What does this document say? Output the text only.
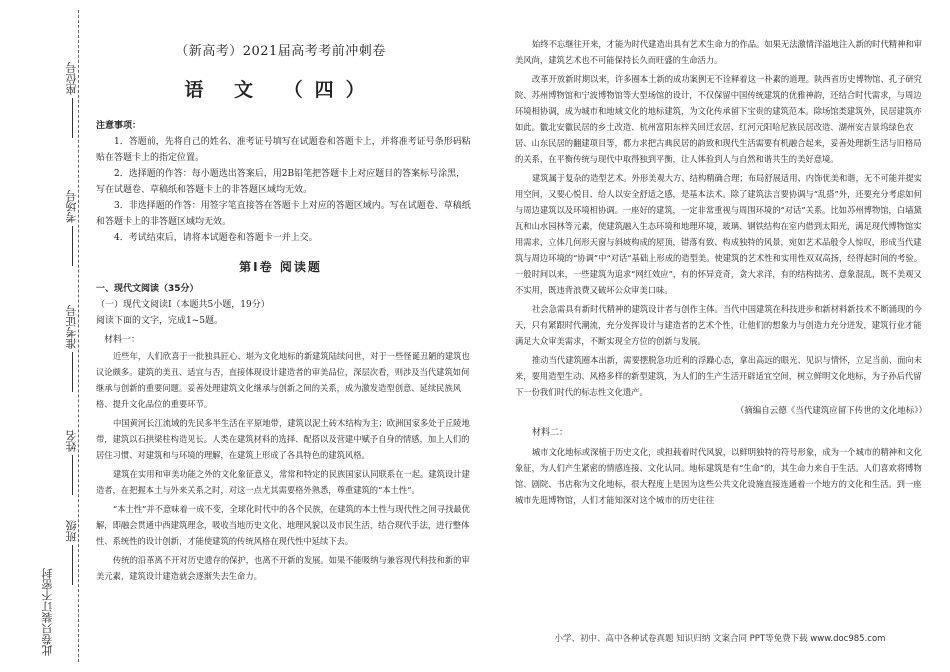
座位号
考场号
准考证号
姓名
班级
此卷只装订不密封
（新高考）2021届高考考前冲刺卷
语 文 （四）
注意事项：

1．答题前，先将自己的姓名、准考证号填写在试题卷和答题卡上，并将准考证号条形码粘贴在答题卡上的指定位置。

2．选择题的作答：每小题选出答案后，用2B铅笔把答题卡上对应题目的答案标号涂黑，写在试题卷、草稿纸和答题卡上的非答题区域均无效。

3．非选择题的作答：用签字笔直接答在答题卡上对应的答题区域内。写在试题卷、草稿纸和答题卡上的非答题区域均无效。

4．考试结束后，请将本试题卷和答题卡一并上交。

第Ⅰ卷 阅读题
一、现代文阅读（35分）
（一）现代文阅读Ⅰ（本题共5小题，19分）
阅读下面的文字，完成1~5题。
材料一：

近些年，人们欣喜于一批独具匠心、堪为文化地标的新建筑陆续问世，对于一些怪诞丑陋的建筑也议论颇多。建筑的美丑、适宜与否，直接体现设计建造者的审美品位，深层次看，则涉及当代建筑如何继承与创新的重要问题。妥善处理建筑文化继承与创新之间的关系，成为激发造型创意、延续民族风格、提升文化品位的重要环节。

中国黄河长江流域的先民多半生活在平原地带，建筑以泥土砖木结构为主；欧洲国家多处于丘陵地带，建筑以石拱梁柱构造见长。人类在建筑材料的选择、配搭以及营建中赋予自身的情感，加上人们的居住习惯、对建筑和与环境的理解，在建筑上形成了各具特色的建筑风格。

建筑在实用和审美功能之外的文化象征意义，常常和特定的民族国家认同联系在一起。建筑设计建造者，在把握本土与外来关系之时，对这一点尤其需要格外熟悉，尊重建筑的“本土性”。

“本土性”并不意味着一成不变，全球化时代中的各个民族，在建筑的本土性与现代性之间寻找最优解，即融会贯通中西建筑理念，吸收当地历史文化、地理风貌以及市民生活，结合现代手法，进行整体性、系统性的设计创新，才能使建筑的传统风格在现代性中延续下去。

传统的沿革离不开对历史遗存的保护，也离不开新的发展。如果不能吸纳与兼容现代科技和新的审美元素，建筑设计建造就会逐渐失去生命力。

始终不忘继往开来，才能为时代建造出具有艺术生命力的作品。如果无法激情洋溢地注入新的时代精神和审美风尚，建筑艺术也不可能保持长久而旺盛的生命活力。

改革开放新时期以来，许多圈本土新的成功案例无不诠释着这一朴素的道理。陕西省历史博物馆、孔子研究院、苏州博物馆和宁波博物馆等大型场馆的设计，不仅保留中国传统建筑的优雅神韵，还结合时代需求，与周边环境相协调，成为城市和地域文化的地标建筑，为文化传承留下宝贵的建筑范本。除场馆类建筑外，民居建筑亦如此。徽北安徽民居的乡土改造、杭州富阳东梓关回迁农居、红河元阳哈尼族民居改造、湖州安吉景坞绿色农居、山东民居的翻建项目等，都力求把古典民居的韵致和现代生活需要有机融合起来，妥善处理新生活与旧格局的关系，在平衡传统与现代中取得独到平衡，让人体验到人与自然和谐共生的美好意境。

建筑属于复杂的造型艺术。外形美观大方、结构精确合理；布局舒展适用、内饰优美和谐，无不可能并提实用空间，又要心悦目、给人以安全舒适之感，是基本法术。除了建筑法言要协调与“乱搭”外，还要充分考虑如何与周边建筑以及环境相协调。一座好的建筑，一定非常重视与周围环境的“对话”关系。比如苏州博物馆，白墙黛瓦和山水园林等元素，使建筑融入生态环境和地理环境，玻璃、钢铁结构在室内借到太阳光，满足现代博物馆实用需求，立体几何形天窗与斜坡构成的屋顶，错落有致、构成独特的风景，宛如艺术品般令人惊叹，形成当代建筑与周边环境的“协调”中“对话”基础上形成的造型美。使建筑的艺术性和实用性双双高扬，经得起时间的考验。一般时间以来，一些建筑为追求“网红效应”，有的怀异竞奇，贪大求洋，有的结构拙劣、意象混乱，既不美观又不实用，既违背浪费又破坏公众审美口味。

社会急需具有新时代精神的建筑设计者与创作主体。当代中国建筑在科技进步和新材料新技术不断涌现的今天，只有紧跟时代潮流，充分发挥设计与建造者的艺术个性，让他们的想象力与创造力充分迸发，建筑行业才能满足大众审美需求，不断实现全方位的创新与发展。

推动当代建筑圈本出新，需要摆脱急功近利的浮躁心态，拿出高远的眼光、见识与情怀，立足当前、面向未来，要用造型生动、风格多样的新型建筑，为人们的生产生活开辟适宜空间，树立鲜明文化地标，为子孙后代留下一份我们时代的标志性文化遗产。

（摘编自云德《当代建筑应留下传世的文化地标》）
材料二：

城市文化地标或深植于历史文化，或担载着时代风貌，以鲜明独特的符号形象，成为一个城市的精神和文化象征，为人们产生紧密的情感连接、文化认同。地标建筑是有“生命”的，其生命力来自于生活。人们喜欢将博物馆、剧院、书店称为文化地标，很大程度上是因为这些公共文化设施直接连通着一个地方的文化和生活。到一座城市先逛博物馆，人们才能知深对这个城市的历史往往

小学、初中、高中各种试卷真题 知识归纳 文案合同 PPT等免费下载 www.doc985.com
